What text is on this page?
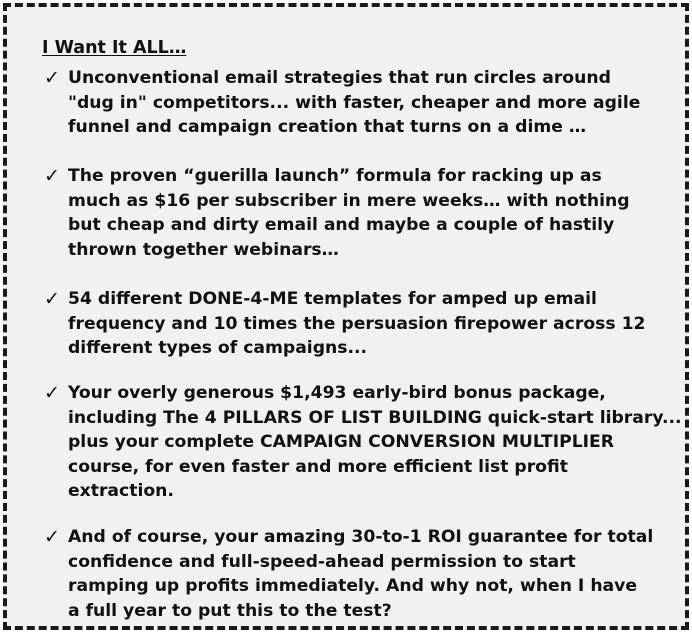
I Want It ALL…
✓ Unconventional email strategies that run circles around
"dug in" competitors... with faster, cheaper and more agile
funnel and campaign creation that turns on a dime …
✓ The proven “guerilla launch” formula for racking up as
much as $16 per subscriber in mere weeks… with nothing
but cheap and dirty email and maybe a couple of hastily
thrown together webinars…
✓ 54 different DONE-4-ME templates for amped up email
frequency and 10 times the persuasion firepower across 12
different types of campaigns...
✓ Your overly generous $1,493 early-bird bonus package,
including The 4 PILLARS OF LIST BUILDING quick-start library...
plus your complete CAMPAIGN CONVERSION MULTIPLIER
course, for even faster and more efficient list profit
extraction.
✓ And of course, your amazing 30-to-1 ROI guarantee for total
confidence and full-speed-ahead permission to start
ramping up profits immediately. And why not, when I have
a full year to put this to the test?
